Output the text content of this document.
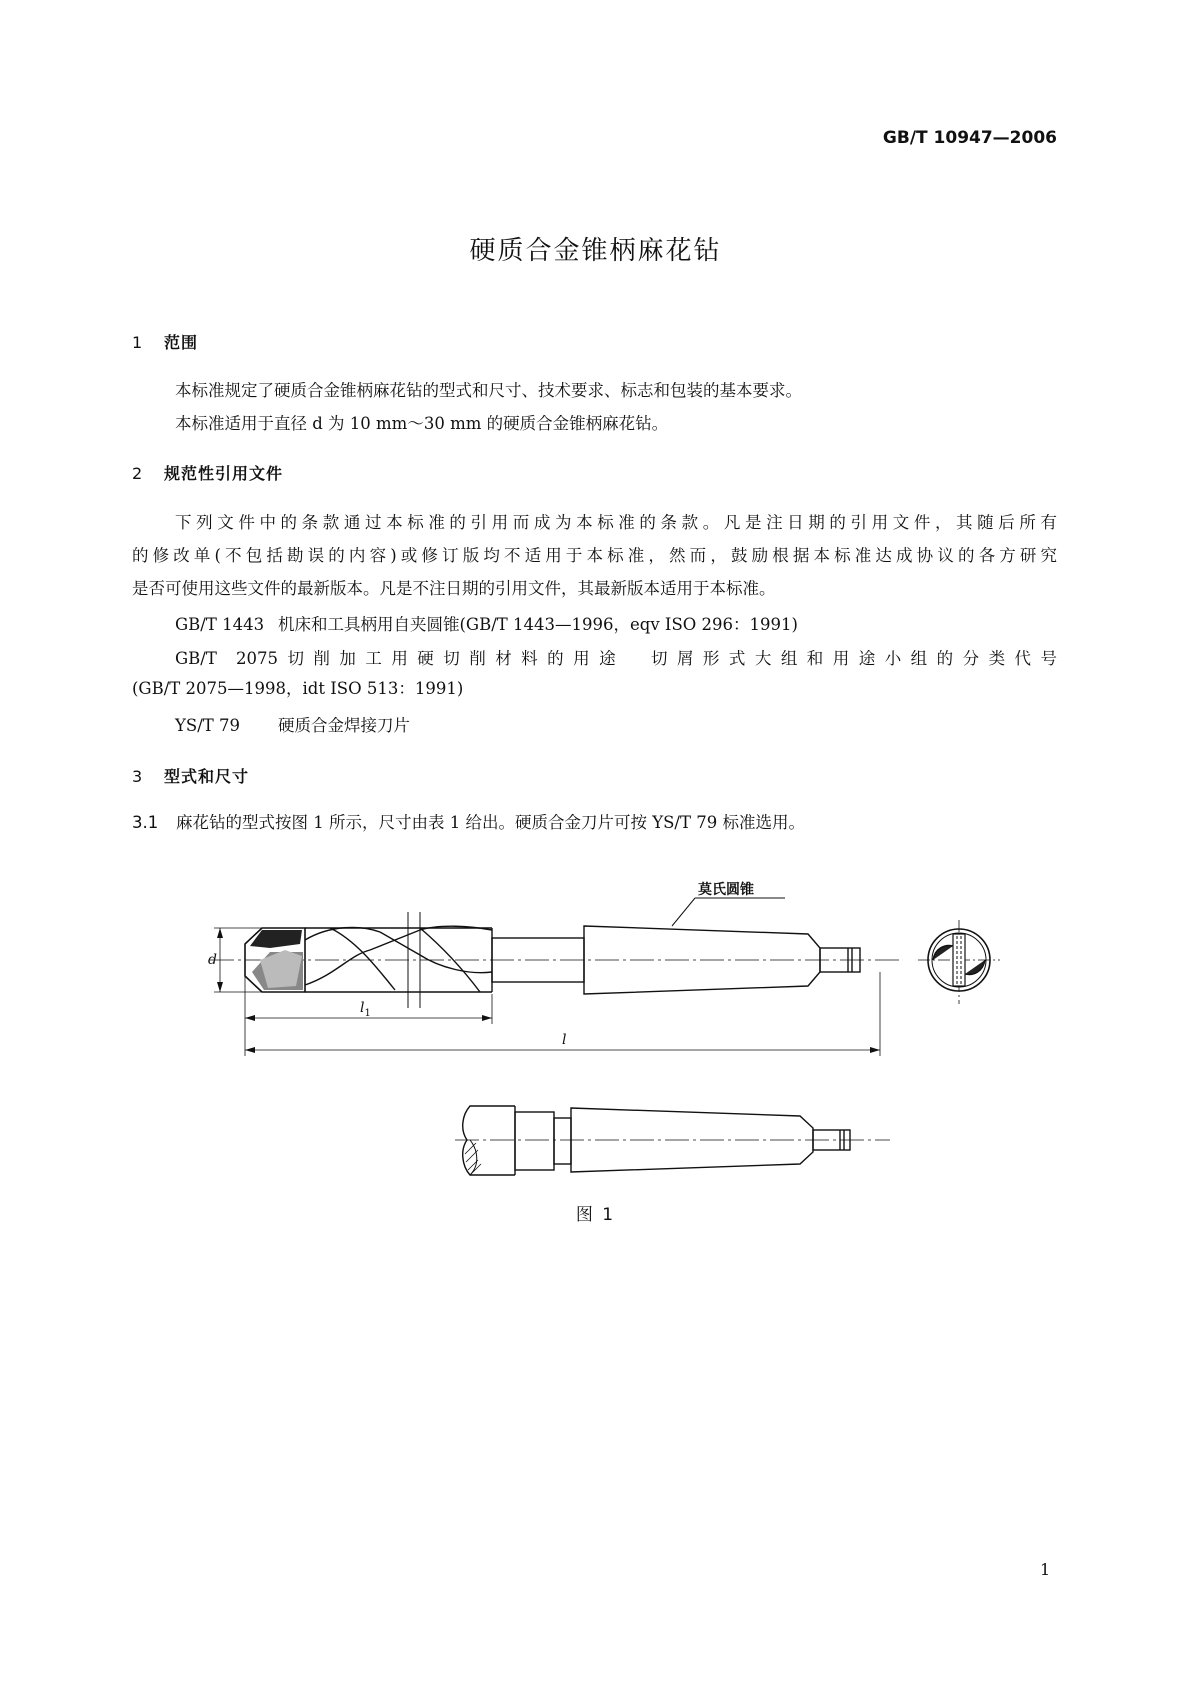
GB/T 10947—2006
硬质合金锥柄麻花钻
1 范围
本标准规定了硬质合金锥柄麻花钻的型式和尺寸、技术要求、标志和包装的基本要求。
本标准适用于直径 d 为 10 mm～30 mm 的硬质合金锥柄麻花钻。
2 规范性引用文件
下列文件中的条款通过本标准的引用而成为本标准的条款。凡是注日期的引用文件，其随后所有
的修改单(不包括勘误的内容)或修订版均不适用于本标准，然而，鼓励根据本标准达成协议的各方研究
是否可使用这些文件的最新版本。凡是不注日期的引用文件，其最新版本适用于本标准。
GB/T 1443 机床和工具柄用自夹圆锥(GB/T 1443—1996，eqv ISO 296：1991)
GB/T 2075切削加工用硬切削材料的用途　切屑形式大组和用途小组的分类代号
(GB/T 2075—1998，idt ISO 513：1991)
YS/T 79 硬质合金焊接刀片
3 型式和尺寸
3.1 麻花钻的型式按图 1 所示，尺寸由表 1 给出。硬质合金刀片可按 YS/T 79 标准选用。
莫氏圆锥
d
$l_1$
l
图 1
1
